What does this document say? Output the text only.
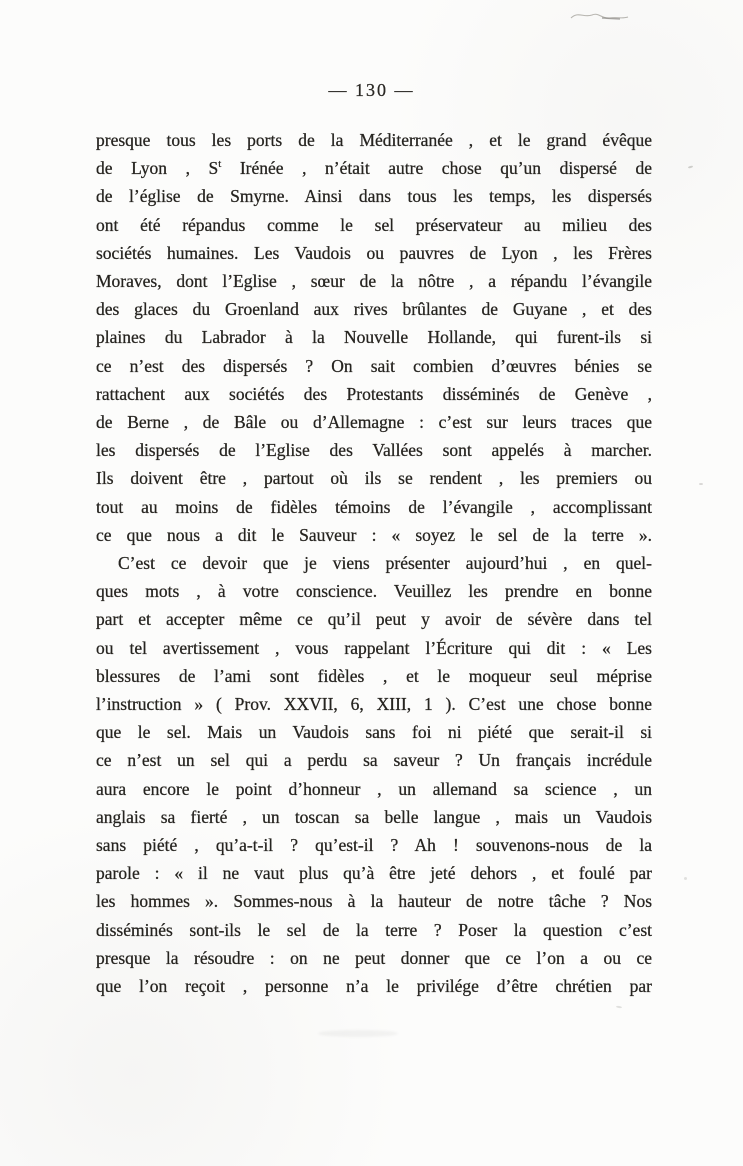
— 130 —

presque tous les ports de la Méditerranée , et le grand évêque

de Lyon , $S^t$ Irénée , n’était autre chose qu’un dispersé de

de l’église de Smyrne. Ainsi dans tous les temps, les dispersés

ont été répandus comme le sel préservateur au milieu des

sociétés humaines. Les Vaudois ou pauvres de Lyon , les Frères

Moraves, dont l’Eglise , sœur de la nôtre , a répandu l’évangile

des glaces du Groenland aux rives brûlantes de Guyane , et des

plaines du Labrador à la Nouvelle Hollande, qui furent-ils si

ce n’est des dispersés ? On sait combien d’œuvres bénies se

rattachent aux sociétés des Protestants disséminés de Genève ,

de Berne , de Bâle ou d’Allemagne : c’est sur leurs traces que

les dispersés de l’Eglise des Vallées sont appelés à marcher.

Ils doivent être , partout où ils se rendent , les premiers ou

tout au moins de fidèles témoins de l’évangile , accomplissant

ce que nous a dit le Sauveur : « soyez le sel de la terre ».

C’est ce devoir que je viens présenter aujourd’hui , en quel-

ques mots , à votre conscience. Veuillez les prendre en bonne

part et accepter même ce qu’il peut y avoir de sévère dans tel

ou tel avertissement , vous rappelant l’Écriture qui dit : « Les

blessures de l’ami sont fidèles , et le moqueur seul méprise

l’instruction » ( Prov. XXVII, 6, XIII, 1 ). C’est une chose bonne

que le sel. Mais un Vaudois sans foi ni piété que serait-il si

ce n’est un sel qui a perdu sa saveur ? Un français incrédule

aura encore le point d’honneur , un allemand sa science , un

anglais sa fierté , un toscan sa belle langue , mais un Vaudois

sans piété , qu’a-t-il ? qu’est-il ? Ah ! souvenons-nous de la

parole : « il ne vaut plus qu’à être jeté dehors , et foulé par

les hommes ». Sommes-nous à la hauteur de notre tâche ? Nos

disséminés sont-ils le sel de la terre ? Poser la question c’est

presque la résoudre : on ne peut donner que ce l’on a ou ce

que l’on reçoit , personne n’a le privilége d’être chrétien par
